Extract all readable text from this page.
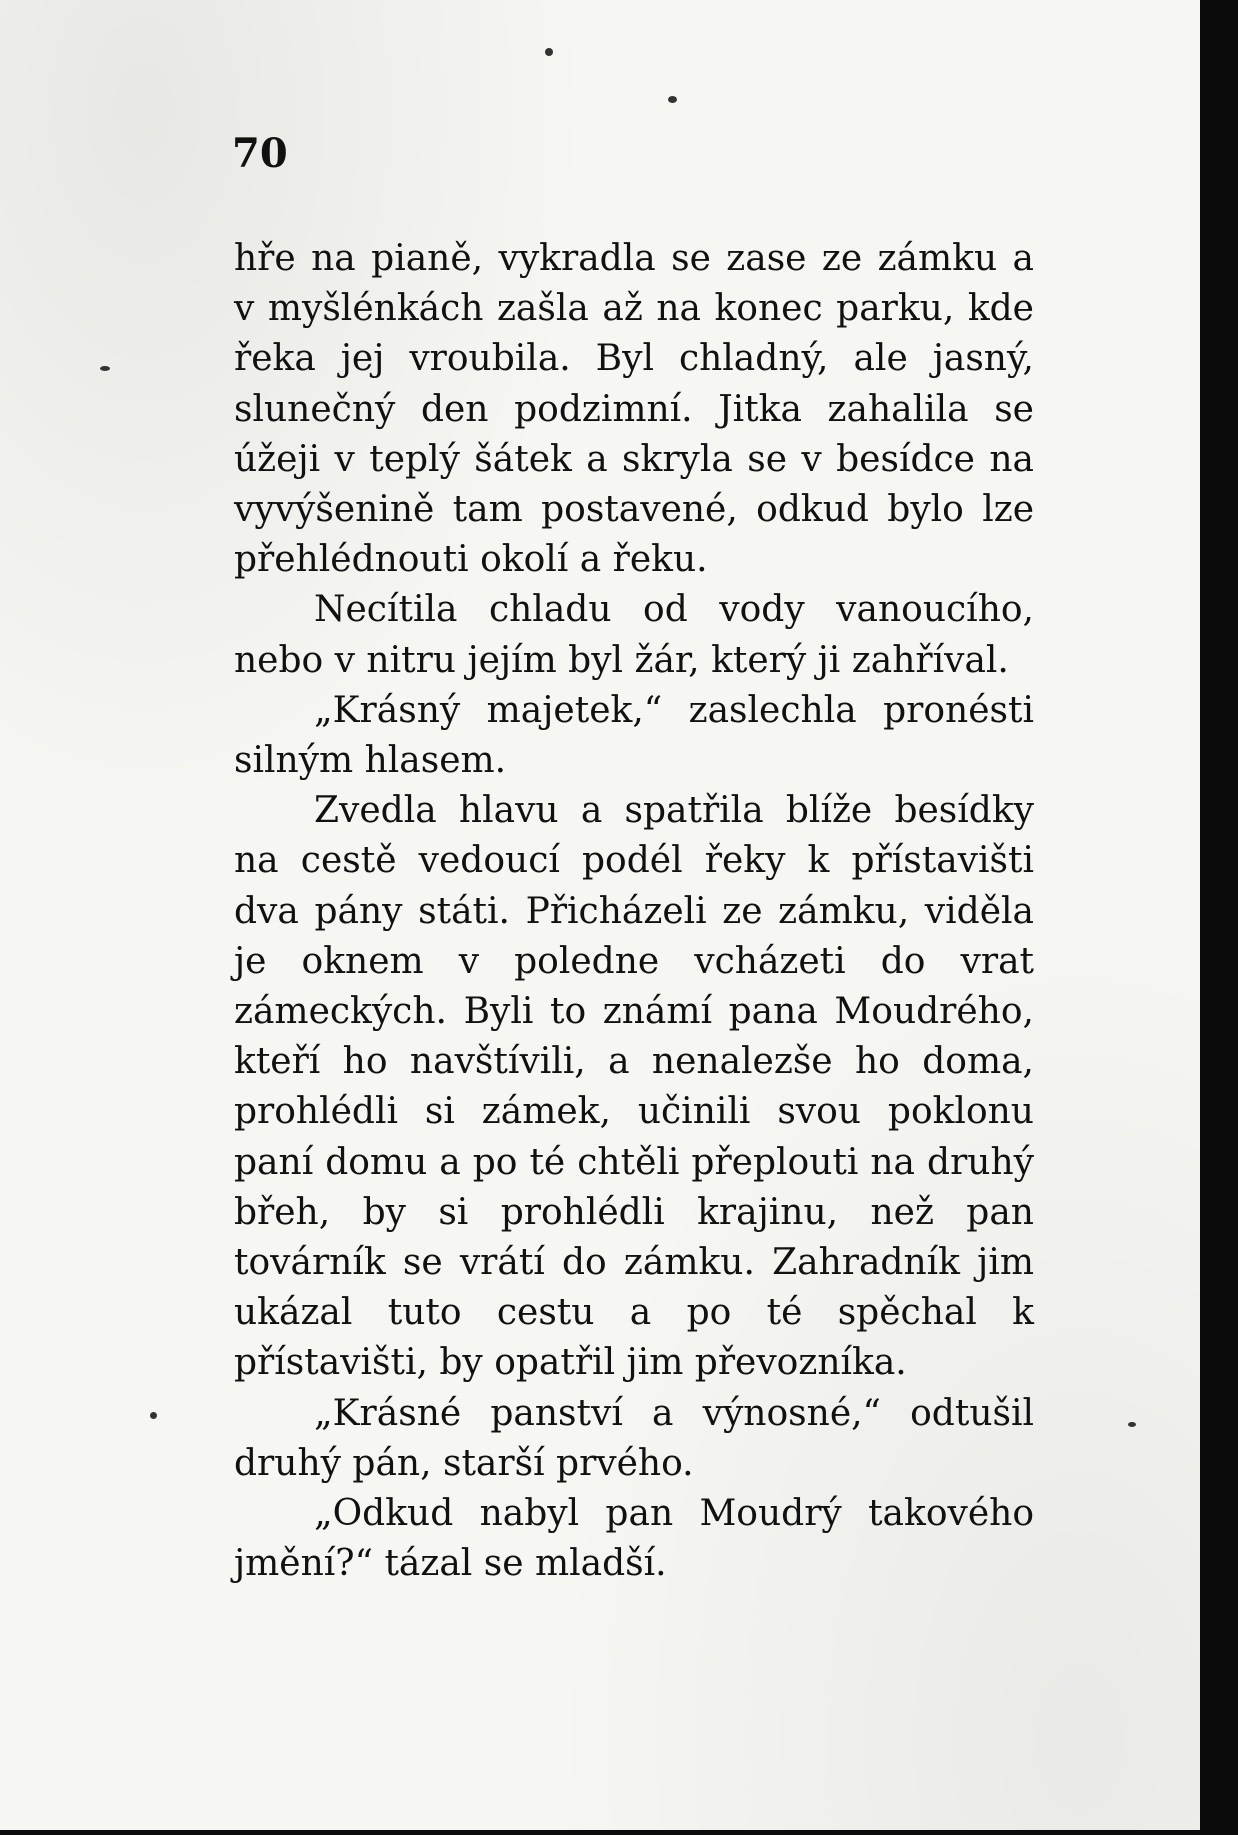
70

hře na pianě, vykradla se zase ze zámku a v myšlénkách zašla až na konec parku, kde řeka jej vroubila. Byl chladný, ale jasný, slunečný den podzimní. Jitka zahalila se úžeji v teplý šátek a skryla se v besídce na vyvýšenině tam postavené, odkud bylo lze přehlédnouti okolí a řeku.

Necítila chladu od vody vanoucího, nebo v nitru jejím byl žár, který ji zahříval.

„Krásný majetek,“ zaslechla pronésti silným hlasem.

Zvedla hlavu a spatřila blíže besídky na cestě vedoucí podél řeky k přístavišti dva pány státi. Přicházeli ze zámku, viděla je oknem v poledne vcházeti do vrat zámeckých. Byli to známí pana Moudrého, kteří ho navštívili, a nenalezše ho doma, prohlédli si zámek, učinili svou poklonu paní domu a po té chtěli přeplouti na druhý břeh, by si prohlédli krajinu, než pan továrník se vrátí do zámku. Zahradník jim ukázal tuto cestu a po té spěchal k přístavišti, by opatřil jim převozníka.

„Krásné panství a výnosné,“ odtušil druhý pán, starší prvého.

„Odkud nabyl pan Moudrý takového jmění?“ tázal se mladší.
